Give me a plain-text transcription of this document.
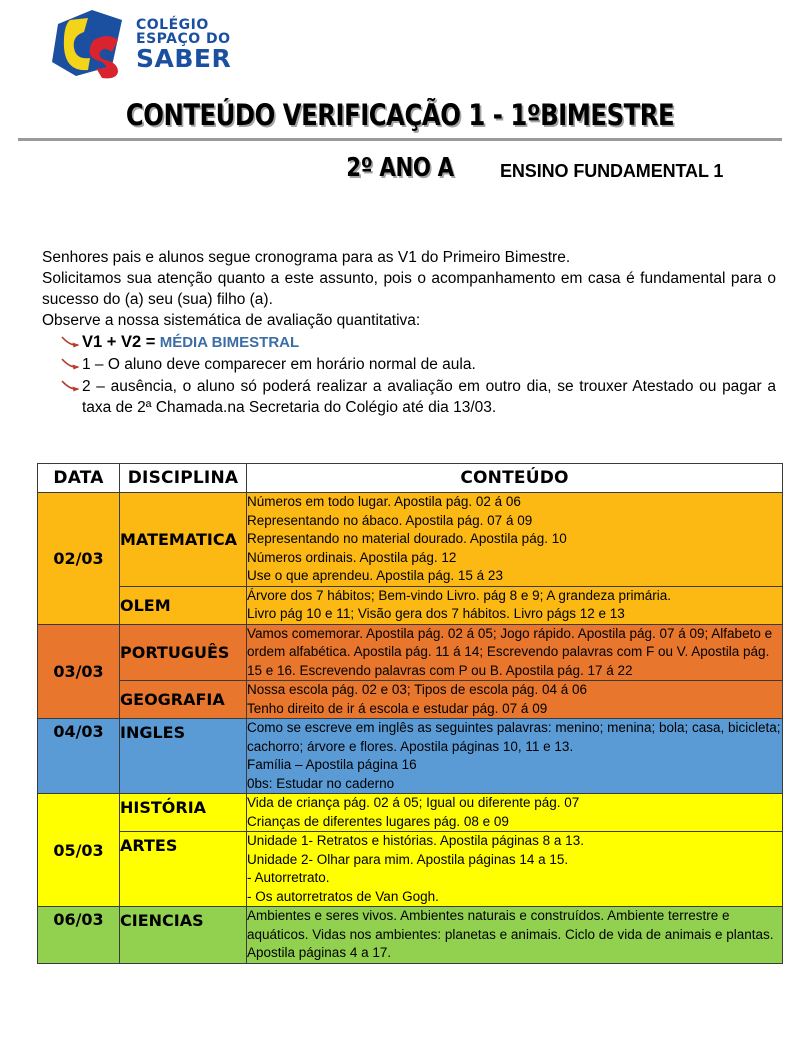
COLÉGIO
ESPAÇO DO
SABER
CONTEÚDO VERIFICAÇÃO 1 - 1ºBIMESTRE
2º ANO A	ENSINO FUNDAMENTAL 1

Senhores pais e alunos segue cronograma para as V1 do Primeiro Bimestre.

Solicitamos sua atenção quanto a este assunto, pois o acompanhamento em casa é fundamental para o sucesso do (a) seu (sua) filho (a).

Observe a nossa sistemática de avaliação quantitativa:

V1 + V2 = MÉDIA BIMESTRAL
1 – O aluno deve comparecer em horário normal de aula.
2 – ausência, o aluno só poderá realizar a avaliação em outro dia, se trouxer Atestado ou pagar a taxa de 2ª Chamada.na Secretaria do Colégio até dia 13/03.
DATA	DISCIPLINA	CONTEÚDO
02/03	MATEMATICA	Números em todo lugar. Apostila pág. 02 á 06
Representando no ábaco. Apostila pág. 07 á 09
Representando no material dourado. Apostila pág. 10
Números ordinais. Apostila pág. 12
Use o que aprendeu. Apostila pág. 15 á 23

	OLEM	Árvore dos 7 hábitos; Bem-vindo Livro. pág 8 e 9; A grandeza primária.
Livro pág 10 e 11; Visão gera dos 7 hábitos. Livro págs 12 e 13

03/03	PORTUGUÊS	Vamos comemorar. Apostila pág. 02 á 05; Jogo rápido. Apostila pág. 07 á 09; Alfabeto e ordem alfabética. Apostila pág. 11 á 14; Escrevendo palavras com F ou V. Apostila pág. 15 e 16. Escrevendo palavras com P ou B. Apostila pág. 17 á 22

	GEOGRAFIA	Nossa escola pág. 02 e 03; Tipos de escola pág. 04 á 06
Tenho direito de ir á escola e estudar pág. 07 á 09

04/03	INGLES	Como se escreve em inglês as seguintes palavras: menino; menina; bola; casa, bicicleta; cachorro; árvore e flores. Apostila páginas 10, 11 e 13.
Família – Apostila página 16
0bs: Estudar no caderno

05/03	HISTÓRIA	Vida de criança pág. 02 á 05; Igual ou diferente pág. 07
Crianças de diferentes lugares pág. 08 e 09

	ARTES	Unidade 1- Retratos e histórias. Apostila páginas 8 a 13.
Unidade 2- Olhar para mim. Apostila páginas 14 a 15.
- Autorretrato.
- Os autorretratos de Van Gogh.

06/03	CIENCIAS	Ambientes e seres vivos. Ambientes naturais e construídos. Ambiente terrestre e aquáticos. Vidas nos ambientes: planetas e animais. Ciclo de vida de animais e plantas. Apostila páginas 4 a 17.
